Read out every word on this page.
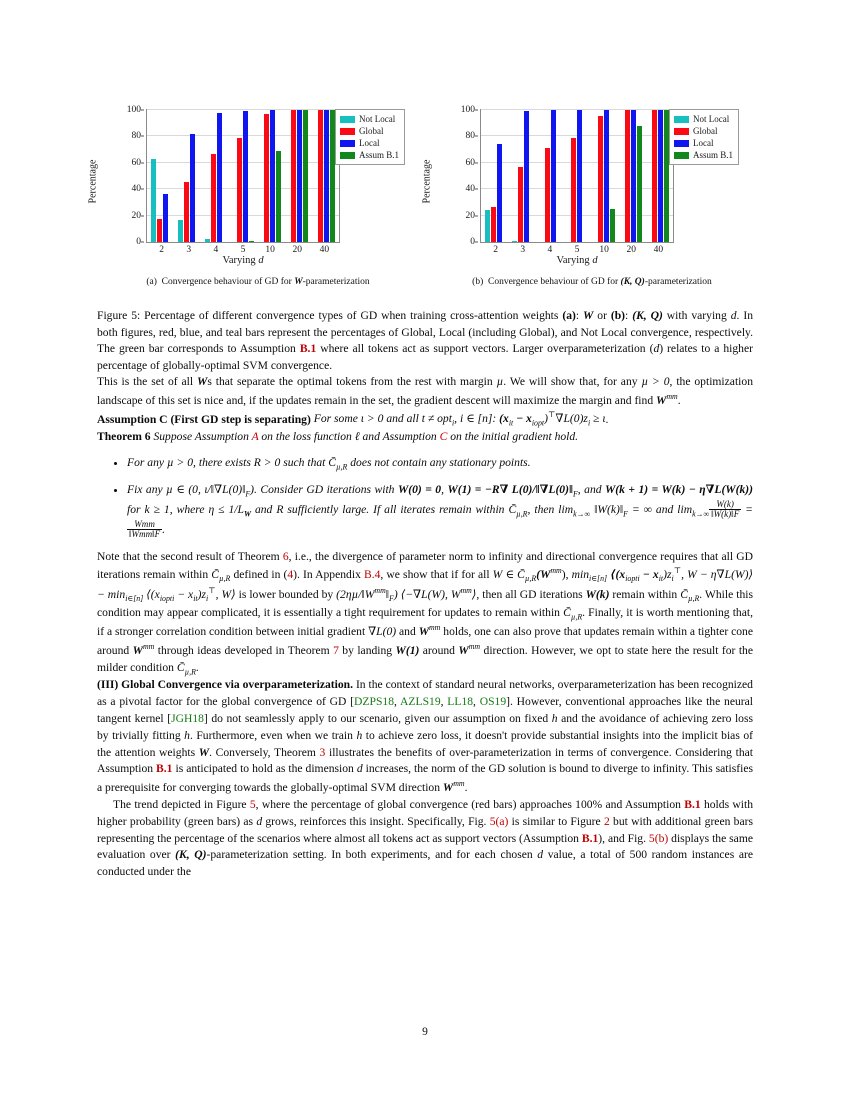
Percentage
0
20
40
60
80
100
2	3	4	5	10	20	40
Varying d
Not Local
Global
Local
Assum B.1
(a) Convergence behaviour of GD for W-parameterization
Percentage
0
20
40
60
80
100
2	3	4	5	10	20	40
Varying d
Not Local
Global
Local
Assum B.1
(b) Convergence behaviour of GD for (K, Q)-parameterization
Figure 5: Percentage of different convergence types of GD when training cross-attention weights (a): W or (b): (K, Q) with varying d. In both figures, red, blue, and teal bars represent the percentages of Global, Local (including Global), and Not Local convergence, respectively. The green bar corresponds to Assumption B.1 where all tokens act as support vectors. Larger overparameterization (d) relates to a higher percentage of globally-optimal SVM convergence.

This is the set of all Ws that separate the optimal tokens from the rest with margin µ. We will show that, for any µ > 0, the optimization landscape of this set is nice and, if the updates remain in the set, the gradient descent will maximize the margin and find $W^{mm}$.

Assumption C (First GD step is separating) For some ι > 0 and all t ≠ opt$_i$, i ∈ [n]: $(x_{it} - x_{iopt})^⊤\nabla L(0)z_i \ge \iota$.

Theorem 6 Suppose Assumption A on the loss function ℓ and Assumption C on the initial gradient hold.

• For any µ > 0, there exists R > 0 such that $C̄_{\mu,R}$ does not contain any stationary points.
• Fix any µ ∈ (0, $\iota/‖\nabla L(0)‖_F$). Consider GD iterations with W(0) = 0, W(1) = −R∇ $L(0)/‖\nabla L(0)‖_F$, and W(k + 1) = W(k) − η∇L(W(k)) for k ≥ 1, where $\eta \le 1/L_W$ and R sufficiently large. If all iterates remain within $C̄_{\mu,R}$, then $\lim_{k\to\infty}$ $‖W(k)‖_F$ = ∞ and $\lim_{k\to\infty} \frac{W(k)}{‖W(k)‖F}$ =
$\frac{\text{Wmm}}{\text{‖Wmm‖F}}$ .

Note that the second result of Theorem 6, i.e., the divergence of parameter norm to infinity and directional convergence requires that all GD iterations remain within $C̄_{\mu,R}$ defined in (4). In Appendix B.4, we show that if for all W ∈ $C̄_{\mu,R}(W^{mm})$, $\min_{i\in[n]}$ $⟨(x_{iopti} - x_{it})z_i^⊤$, W − η∇L(W)⟩ − $\min_{i\in[n]}$ $⟨(x_{iopti} - x_{it})z_i^⊤$, W⟩ is lower bounded by $(2\eta\mu/‖W^{mm}‖_F)$ ⟨−∇L(W), $W^{mm}⟩$, then all GD iterations W(k) remain within $C̄_{\mu,R}$. While this condition may appear complicated, it is essentially a tight requirement for updates to remain within $C̄_{\mu,R}$. Finally, it is worth mentioning that, if a stronger correlation condition between initial gradient ∇L(0) and $W^{mm}$ holds, one can also prove that updates remain within a tighter cone around $W^{mm}$ through ideas developed in Theorem 7 by landing W(1) around $W^{mm}$ direction. However, we opt to state here the result for the milder condition $C̄_{\mu,R}$.

(III) Global Convergence via overparameterization. In the context of standard neural networks, overparameterization has been recognized as a pivotal factor for the global convergence of GD [DZPS18, AZLS19, LL18, OS19]. However, conventional approaches like the neural tangent kernel [JGH18] do not seamlessly apply to our scenario, given our assumption on fixed h and the avoidance of achieving zero loss by trivially fitting h. Furthermore, even when we train h to achieve zero loss, it doesn't provide substantial insights into the implicit bias of the attention weights W. Conversely, Theorem 3 illustrates the benefits of over-parameterization in terms of convergence. Considering that Assumption B.1 is anticipated to hold as the dimension d increases, the norm of the GD solution is bound to diverge to infinity. This satisfies a prerequisite for converging towards the globally-optimal SVM direction $W^{mm}$.

The trend depicted in Figure 5, where the percentage of global convergence (red bars) approaches 100% and Assumption B.1 holds with higher probability (green bars) as d grows, reinforces this insight. Specifically, Fig. 5(a) is similar to Figure 2 but with additional green bars representing the percentage of the scenarios where almost all tokens act as support vectors (Assumption B.1), and Fig. 5(b) displays the same evaluation over (K, Q)-parameterization setting. In both experiments, and for each chosen d value, a total of 500 random instances are conducted under the

9
